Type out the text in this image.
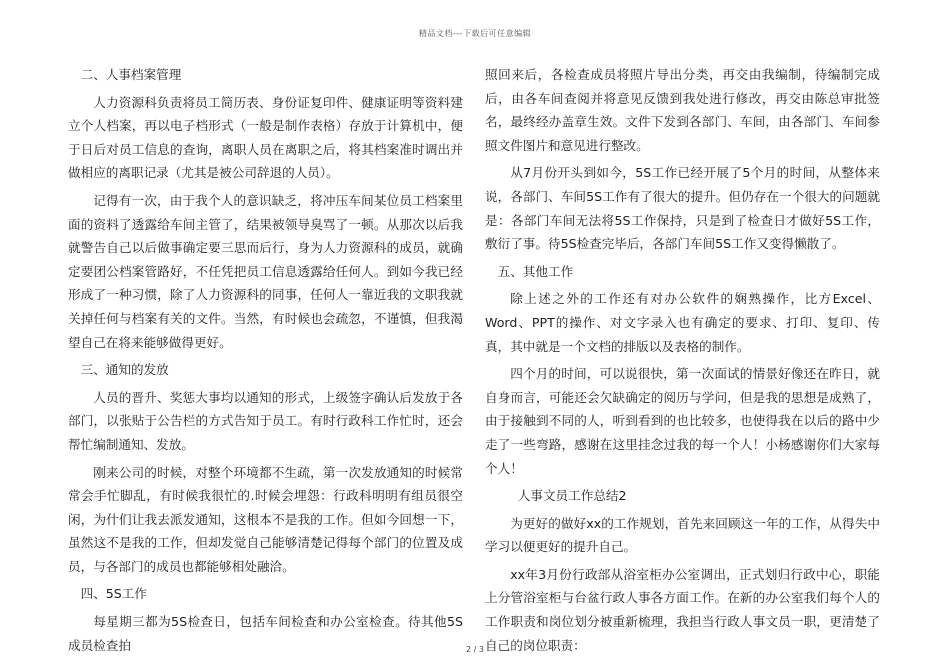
精品文档---下载后可任意编辑
二、人事档案管理
人力资源科负责将员工简历表、身份证复印件、健康证明等资料建立个人档案，再以电子档形式（一般是制作表格）存放于计算机中，便于日后对员工信息的查询，离职人员在离职之后，将其档案准时调出并做相应的离职记录（尤其是被公司辞退的人员）。
记得有一次，由于我个人的意识缺乏，将冲压车间某位员工档案里面的资料了透露给车间主管了，结果被领导臭骂了一顿。从那次以后我就警告自己以后做事确定要三思而后行，身为人力资源科的成员，就确定要团公档案管路好，不任凭把员工信息透露给任何人。到如今我已经形成了一种习惯，除了人力资源科的同事，任何人一靠近我的文职我就关掉任何与档案有关的文件。当然，有时候也会疏忽，不谨慎，但我渴望自己在将来能够做得更好。
三、通知的发放
人员的晋升、奖惩大事均以通知的形式，上级签字确认后发放于各部门，以张贴于公告栏的方式告知于员工。有时行政科工作忙时，还会帮忙编制通知、发放。
刚来公司的时候，对整个环境都不生疏，第一次发放通知的时候常常会手忙脚乱，有时候我很忙的.时候会埋怨：行政科明明有组员很空闲，为什们让我去派发通知，这根本不是我的工作。但如今回想一下，虽然这不是我的工作，但却发觉自己能够清楚记得每个部门的位置及成员，与各部门的成员也都能够相处融洽。
四、5S工作
每星期三都为5S检查日，包括车间检查和办公室检查。待其他5S成员检查拍
照回来后，各检查成员将照片导出分类，再交由我编制，待编制完成后，由各车间查阅并将意见反馈到我处进行修改，再交由陈总审批签名，最终经办盖章生效。文件下发到各部门、车间，由各部门、车间参照文件图片和意见进行整改。
从7月份开头到如今，5S工作已经开展了5个月的时间，从整体来说，各部门、车间5S工作有了很大的提升。但仍存在一个很大的问题就是：各部门车间无法将5S工作保持，只是到了检查日才做好5S工作，敷衍了事。待5S检查完毕后，各部门车间5S工作又变得懒散了。
五、其他工作
除上述之外的工作还有对办公软件的娴熟操作，比方Excel、Word、PPT的操作、对文字录入也有确定的要求、打印、复印、传真，其中就是一个文档的排版以及表格的制作。
四个月的时间，可以说很快，第一次面试的情景好像还在昨日，就自身而言，可能还会欠缺确定的阅历与学问，但是我的思想是成熟了，由于接触到不同的人，听到看到的也比较多，也使得我在以后的路中少走了一些弯路，感谢在这里挂念过我的每一个人！小杨感谢你们大家每个人！
人事文员工作总结2
为更好的做好xx的工作规划，首先来回顾这一年的工作，从得失中学习以便更好的提升自己。
xx年3月份行政部从浴室柜办公室调出，正式划归行政中心，职能上分管浴室柜与台盆行政人事各方面工作。在新的办公室我们每个人的工作职责和岗位划分被重新梳理，我担当行政人事文员一职，更清楚了自己的岗位职责：
2 / 3
